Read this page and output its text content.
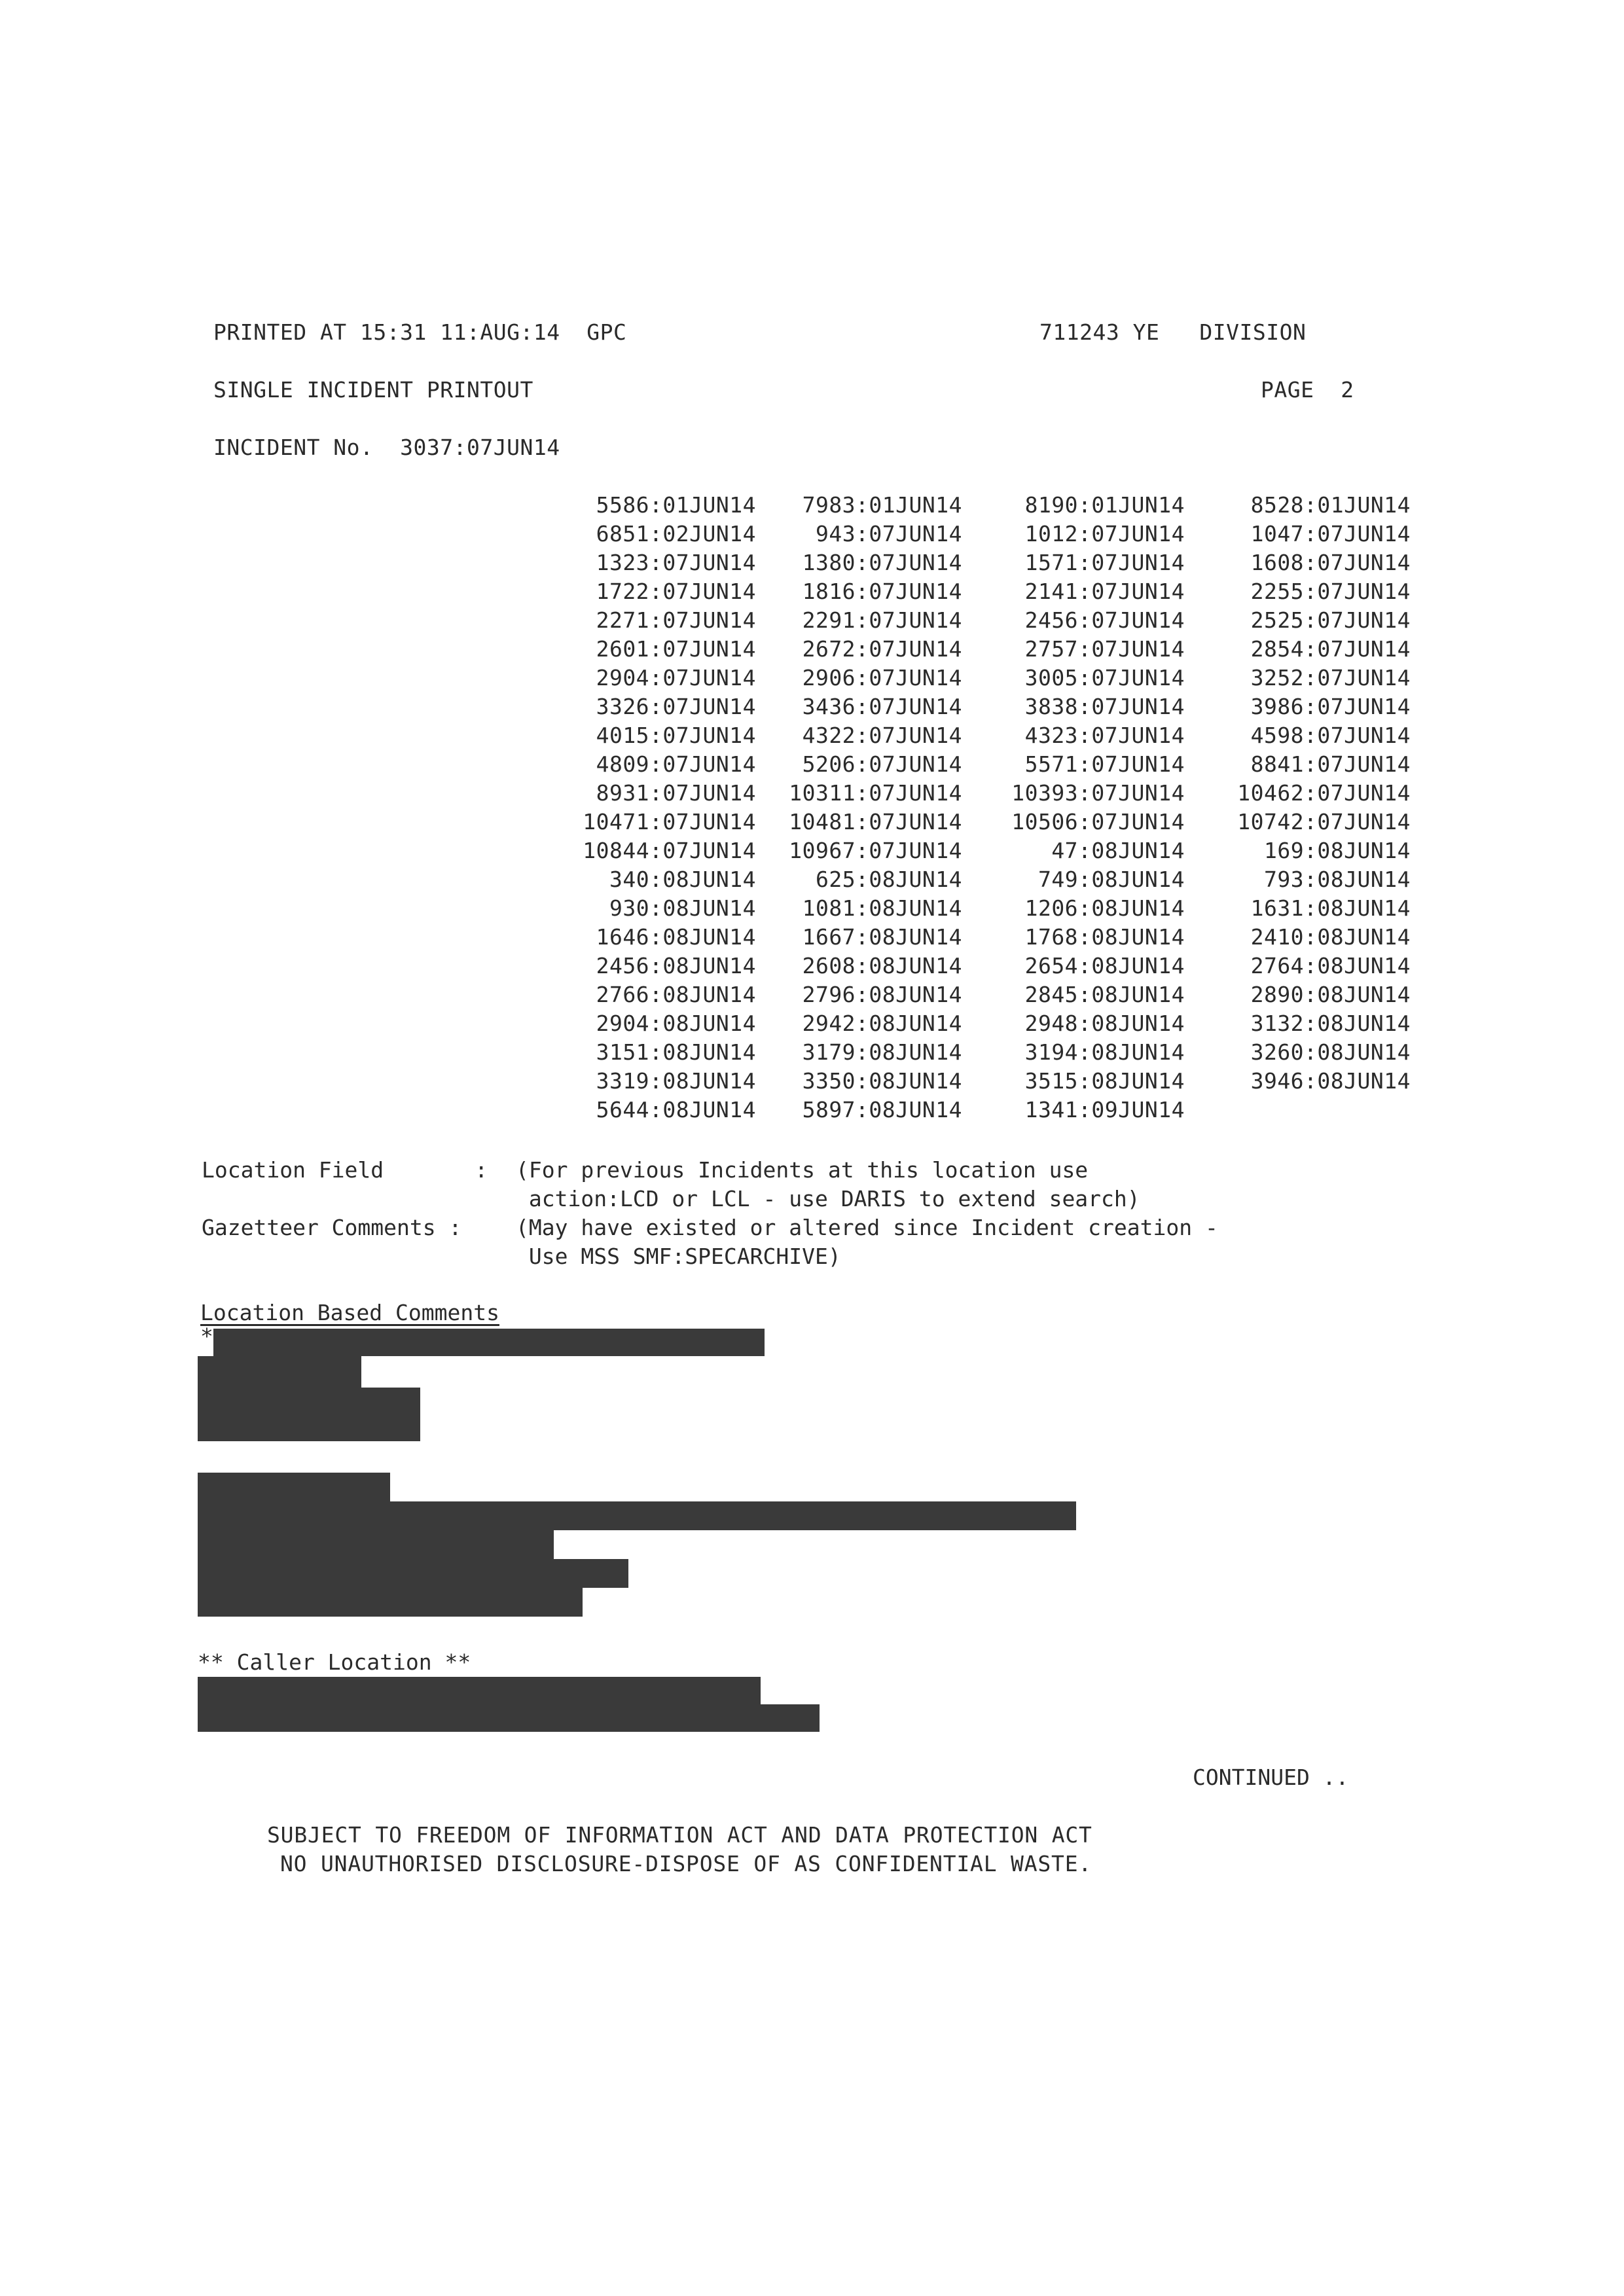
PRINTED AT 15:31 11:AUG:14  GPC	711243 YE   DIVISION
SINGLE INCIDENT PRINTOUT	PAGE  2
INCIDENT No.  3037:07JUN14
5586:01JUN14	7983:01JUN14	8190:01JUN14	8528:01JUN14
6851:02JUN14	943:07JUN14	1012:07JUN14	1047:07JUN14
1323:07JUN14	1380:07JUN14	1571:07JUN14	1608:07JUN14
1722:07JUN14	1816:07JUN14	2141:07JUN14	2255:07JUN14
2271:07JUN14	2291:07JUN14	2456:07JUN14	2525:07JUN14
2601:07JUN14	2672:07JUN14	2757:07JUN14	2854:07JUN14
2904:07JUN14	2906:07JUN14	3005:07JUN14	3252:07JUN14
3326:07JUN14	3436:07JUN14	3838:07JUN14	3986:07JUN14
4015:07JUN14	4322:07JUN14	4323:07JUN14	4598:07JUN14
4809:07JUN14	5206:07JUN14	5571:07JUN14	8841:07JUN14
8931:07JUN14	10311:07JUN14	10393:07JUN14	10462:07JUN14
10471:07JUN14	10481:07JUN14	10506:07JUN14	10742:07JUN14
10844:07JUN14	10967:07JUN14	47:08JUN14	169:08JUN14
340:08JUN14	625:08JUN14	749:08JUN14	793:08JUN14
930:08JUN14	1081:08JUN14	1206:08JUN14	1631:08JUN14
1646:08JUN14	1667:08JUN14	1768:08JUN14	2410:08JUN14
2456:08JUN14	2608:08JUN14	2654:08JUN14	2764:08JUN14
2766:08JUN14	2796:08JUN14	2845:08JUN14	2890:08JUN14
2904:08JUN14	2942:08JUN14	2948:08JUN14	3132:08JUN14
3151:08JUN14	3179:08JUN14	3194:08JUN14	3260:08JUN14
3319:08JUN14	3350:08JUN14	3515:08JUN14	3946:08JUN14
5644:08JUN14	5897:08JUN14	1341:09JUN14
Location Field       : (For previous Incidents at this location use
action:LCD or LCL - use DARIS to extend search)
Gazetteer Comments :	(May have existed or altered since Incident creation -
Use MSS SMF:SPECARCHIVE)
Location Based Comments
*
** Caller Location **
CONTINUED ..
SUBJECT TO FREEDOM OF INFORMATION ACT AND DATA PROTECTION ACT
NO UNAUTHORISED DISCLOSURE-DISPOSE OF AS CONFIDENTIAL WASTE.
